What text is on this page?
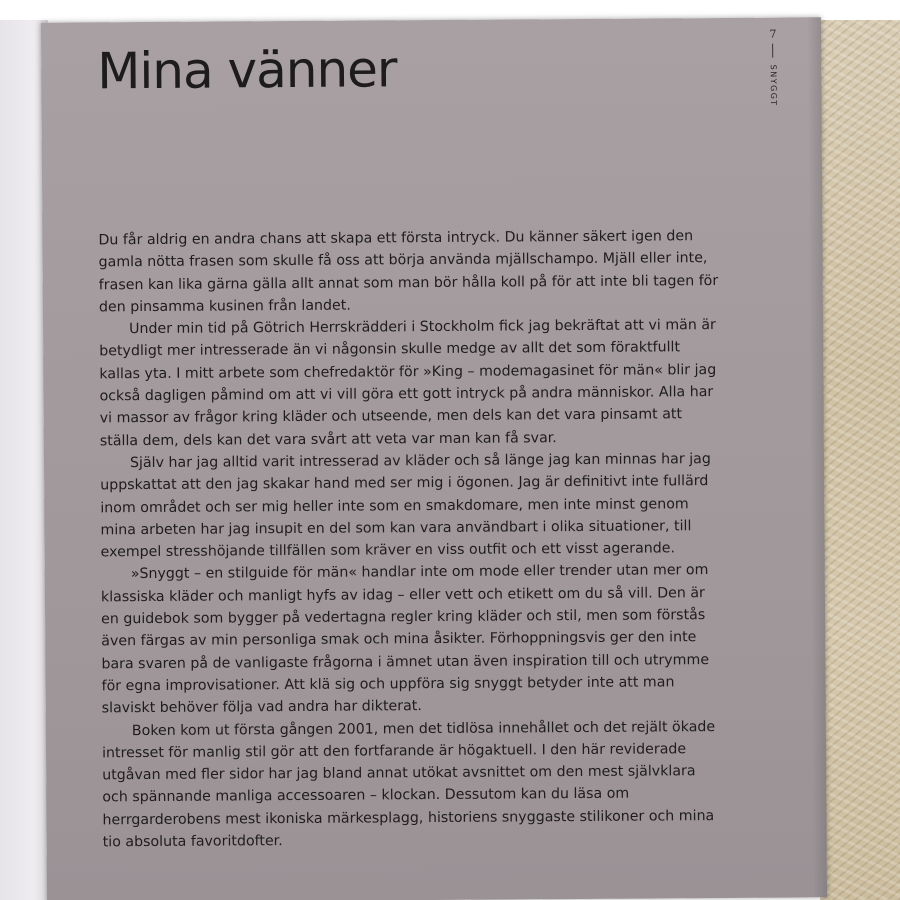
Mina vänner
7
SNYGGT

Du får aldrig en andra chans att skapa ett första intryck. Du känner säkert igen den gamla nötta frasen som skulle få oss att börja använda mjällschampo. Mjäll eller inte, frasen kan lika gärna gälla allt annat som man bör hålla koll på för att inte bli tagen för den pinsamma kusinen från landet.

Under min tid på Götrich Herrskrädderi i Stockholm fick jag bekräftat att vi män är betydligt mer intresserade än vi någonsin skulle medge av allt det som föraktfullt kallas yta. I mitt arbete som chefredaktör för »King – modemagasinet för män« blir jag också dagligen påmind om att vi vill göra ett gott intryck på andra människor. Alla har vi massor av frågor kring kläder och utseende, men dels kan det vara pinsamt att ställa dem, dels kan det vara svårt att veta var man kan få svar.

Själv har jag alltid varit intresserad av kläder och så länge jag kan minnas har jag uppskattat att den jag skakar hand med ser mig i ögonen. Jag är definitivt inte fullärd inom området och ser mig heller inte som en smakdomare, men inte minst genom mina arbeten har jag insupit en del som kan vara användbart i olika situationer, till exempel stresshöjande tillfällen som kräver en viss outfit och ett visst agerande.

»Snyggt – en stilguide för män« handlar inte om mode eller trender utan mer om klassiska kläder och manligt hyfs av idag – eller vett och etikett om du så vill. Den är en guidebok som bygger på vedertagna regler kring kläder och stil, men som förstås även färgas av min personliga smak och mina åsikter. Förhoppningsvis ger den inte bara svaren på de vanligaste frågorna i ämnet utan även inspiration till och utrymme för egna improvisationer. Att klä sig och uppföra sig snyggt betyder inte att man slaviskt behöver följa vad andra har dikterat.

Boken kom ut första gången 2001, men det tidlösa innehållet och det rejält ökade intresset för manlig stil gör att den fortfarande är högaktuell. I den här reviderade utgåvan med fler sidor har jag bland annat utökat avsnittet om den mest självklara och spännande manliga accessoaren – klockan. Dessutom kan du läsa om herrgarderobens mest ikoniska märkesplagg, historiens snyggaste stilikoner och mina tio absoluta favoritdofter.
